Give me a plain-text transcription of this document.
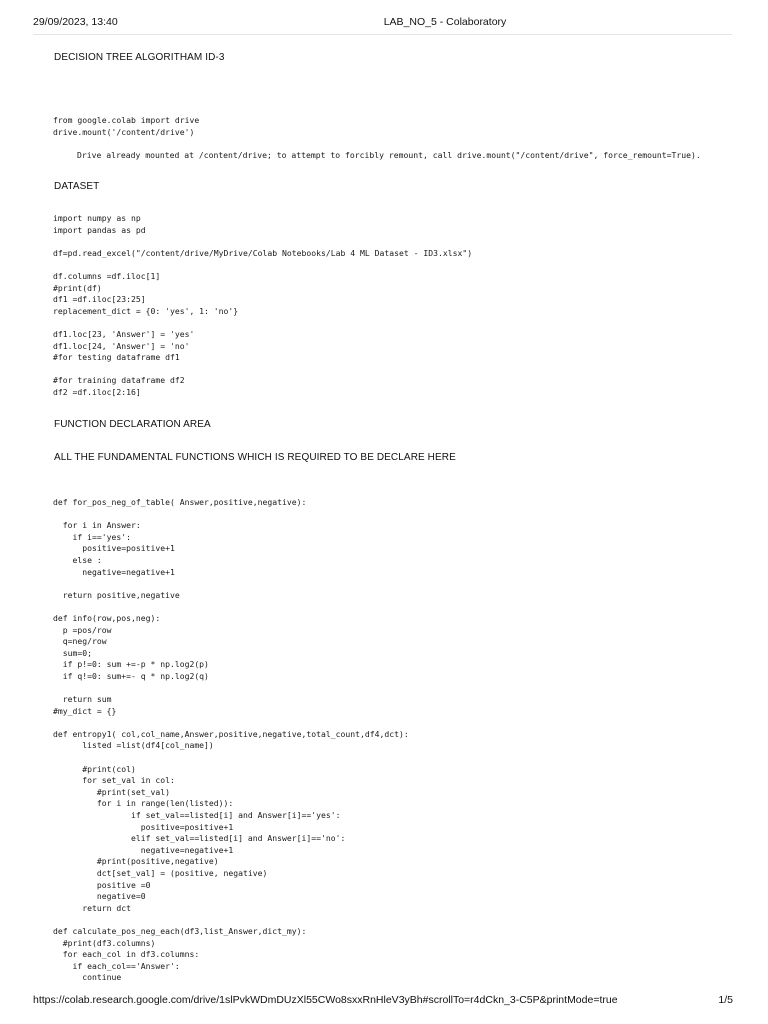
29/09/2023, 13:40	LAB_NO_5 - Colaboratory
DECISION TREE ALGORITHAM ID-3
from google.colab import drive
drive.mount('/content/drive')
Drive already mounted at /content/drive; to attempt to forcibly remount, call drive.mount("/content/drive", force_remount=True).
DATASET
import numpy as np
import pandas as pd

df=pd.read_excel("/content/drive/MyDrive/Colab Notebooks/Lab 4 ML Dataset - ID3.xlsx")

df.columns =df.iloc[1]
#print(df)
df1 =df.iloc[23:25]
replacement_dict = {0: 'yes', 1: 'no'}

df1.loc[23, 'Answer'] = 'yes'
df1.loc[24, 'Answer'] = 'no'
#for testing dataframe df1

#for training dataframe df2
df2 =df.iloc[2:16]
FUNCTION DECLARATION AREA
ALL THE FUNDAMENTAL FUNCTIONS WHICH IS REQUIRED TO BE DECLARE HERE
def for_pos_neg_of_table( Answer,positive,negative):

for i in Answer:
if i=='yes':
positive=positive+1
else :
negative=negative+1

return positive,negative

def info(row,pos,neg):
p =pos/row
q=neg/row
sum=0;
if p!=0: sum +=-p * np.log2(p)
if q!=0: sum+=- q * np.log2(q)

return sum
#my_dict = {}

def entropy1( col,col_name,Answer,positive,negative,total_count,df4,dct):
listed =list(df4[col_name])

#print(col)
for set_val in col:
#print(set_val)
for i in range(len(listed)):
if set_val==listed[i] and Answer[i]=='yes':
positive=positive+1
elif set_val==listed[i] and Answer[i]=='no':
negative=negative+1
#print(positive,negative)
dct[set_val] = (positive, negative)
positive =0
negative=0
return dct

def calculate_pos_neg_each(df3,list_Answer,dict_my):
#print(df3.columns)
for each_col in df3.columns:
if each_col=='Answer':
continue
https://colab.research.google.com/drive/1slPvkWDmDUzXl55CWo8sxxRnHleV3yBh#scrollTo=r4dCkn_3-C5P&printMode=true	1/5
